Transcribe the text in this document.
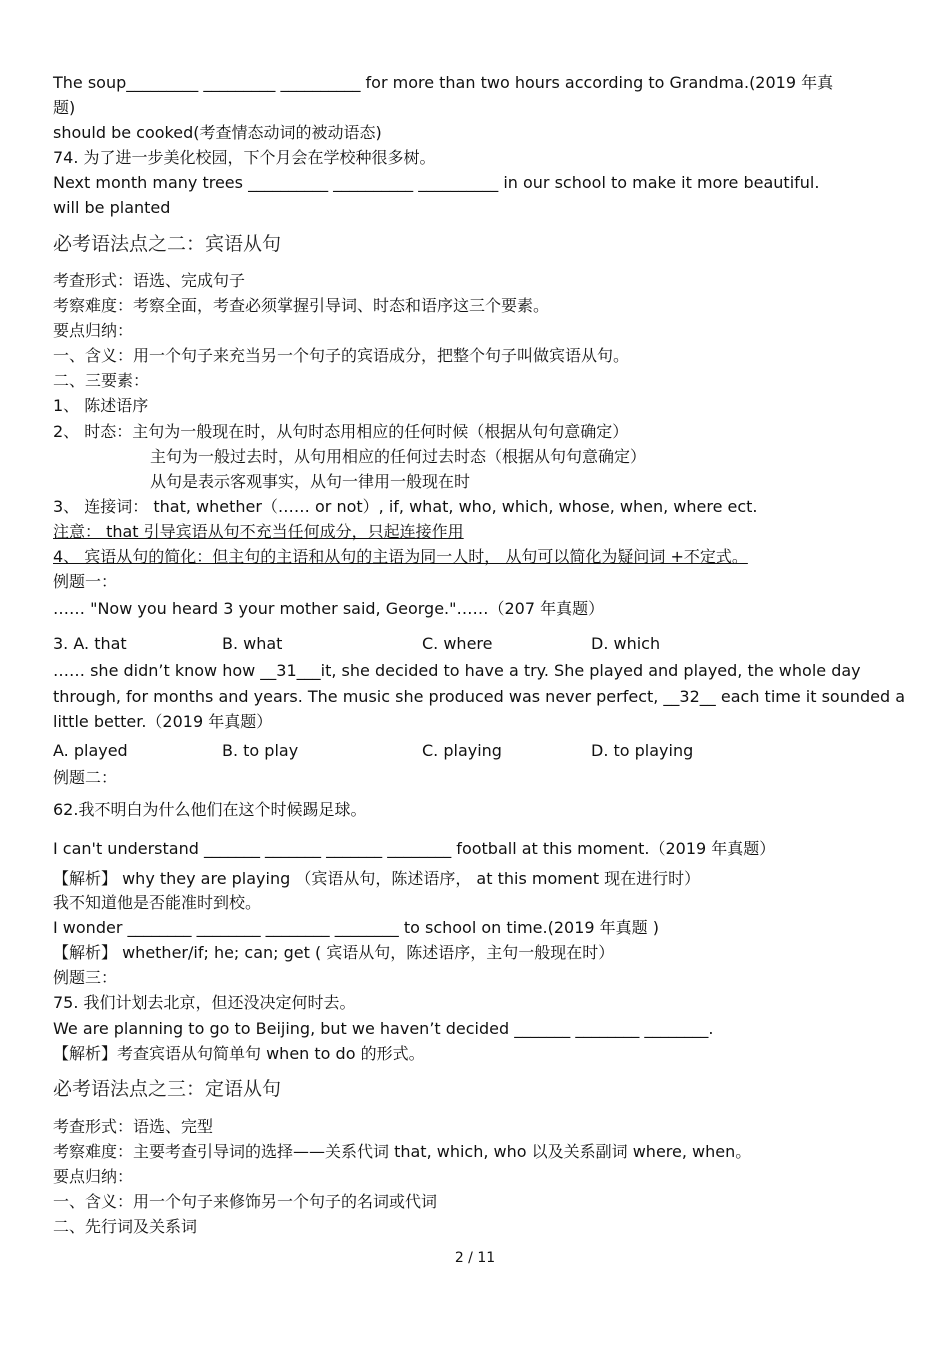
The soup_________ _________ __________ for more than two hours according to Grandma.(2019 年真
题)
should be cooked(考查情态动词的被动语态)
74. 为了进一步美化校园，下个月会在学校种很多树。
Next month many trees __________ __________ __________ in our school to make it more beautiful.
will be planted
必考语法点之二：宾语从句
考查形式：语选、完成句子
考察难度：考察全面，考查必须掌握引导词、时态和语序这三个要素。
要点归纳：
一、含义：用一个句子来充当另一个句子的宾语成分，把整个句子叫做宾语从句。
二、三要素：
1、 陈述语序
2、 时态：主句为一般现在时，从句时态用相应的任何时候（根据从句句意确定）
主句为一般过去时，从句用相应的任何过去时态（根据从句句意确定）
从句是表示客观事实，从句一律用一般现在时
3、 连接词： that, whether（…… or not）, if, what, who, which, whose, when, where ect.
注意： that 引导宾语从句不充当任何成分，只起连接作用
4、 宾语从句的简化：但主句的主语和从句的主语为同一人时， 从句可以简化为疑问词 +不定式。
例题一：
…… "Now you heard 3 your mother said, George."……（207 年真题）
3. A. that	B. what	C. where	D. which
…… she didn’t know how __31___it, she decided to have a try. She played and played, the whole day
through, for months and years. The music she produced was never perfect, __32__ each time it sounded a
little better.（2019 年真题）
A. played	B. to play	C. playing	D. to playing
例题二：
62.我不明白为什么他们在这个时候踢足球。
I can't understand _______ _______ _______ ________ football at this moment.（2019 年真题）
【解析】 why they are playing （宾语从句，陈述语序， at this moment 现在进行时）
我不知道他是否能准时到校。
I wonder ________ ________ ________ ________ to school on time.(2019 年真题 )
【解析】 whether/if; he; can; get ( 宾语从句，陈述语序，主句一般现在时）
例题三：
75. 我们计划去北京，但还没决定何时去。
We are planning to go to Beijing, but we haven’t decided _______ ________ ________.
【解析】考查宾语从句简单句 when to do 的形式。
必考语法点之三：定语从句
考查形式：语选、完型
考察难度：主要考查引导词的选择——关系代词 that, which, who 以及关系副词 where, when。
要点归纳：
一、含义：用一个句子来修饰另一个句子的名词或代词
二、先行词及关系词
2 / 11
